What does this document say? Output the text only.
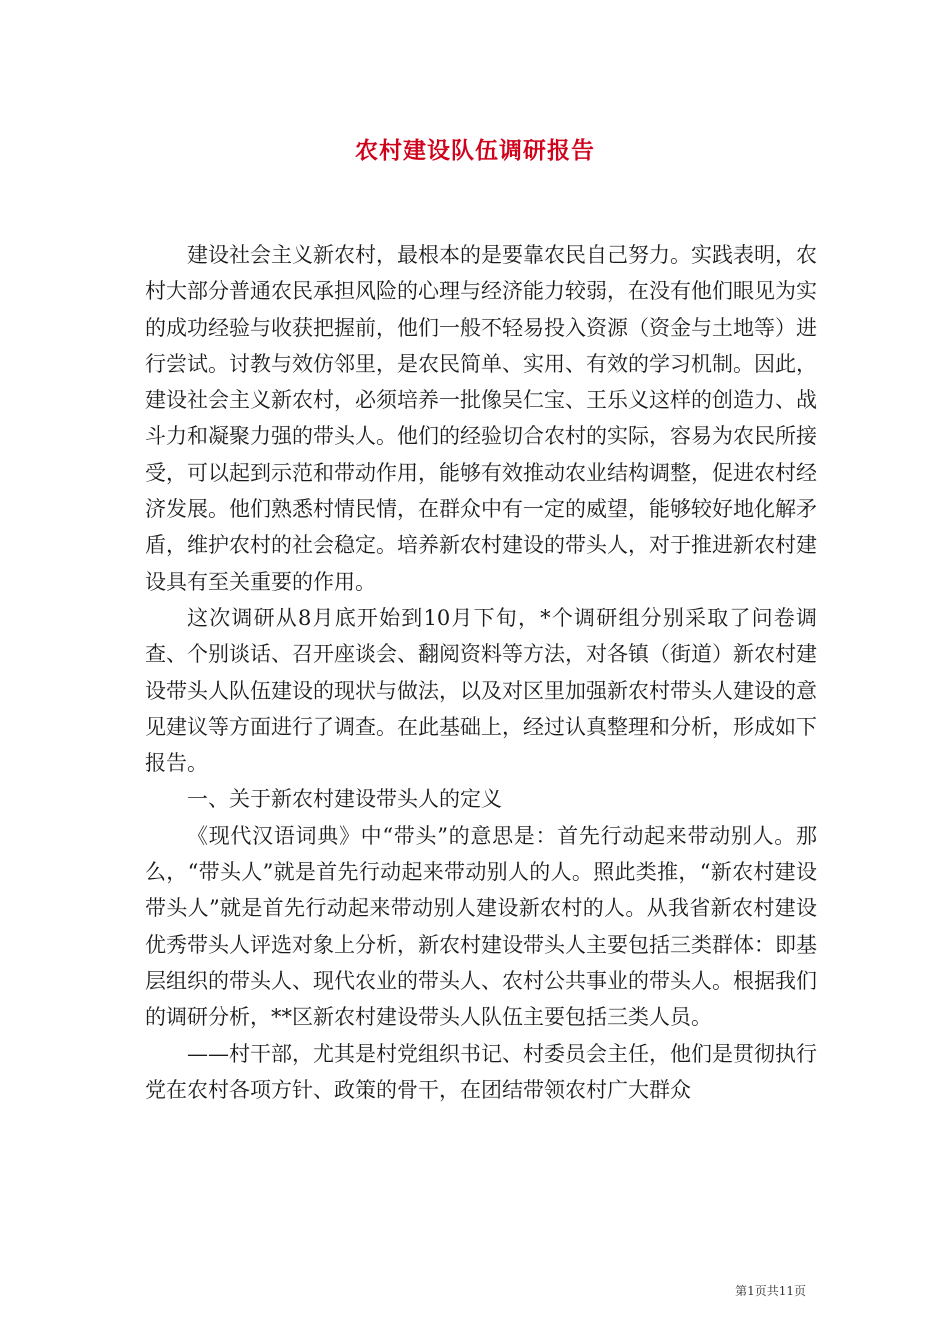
农村建设队伍调研报告

建设社会主义新农村，最根本的是要靠农民自己努力。实践表明，农村大部分普通农民承担风险的心理与经济能力较弱，在没有他们眼见为实的成功经验与收获把握前，他们一般不轻易投入资源（资金与土地等）进行尝试。讨教与效仿邻里，是农民简单、实用、有效的学习机制。因此，建设社会主义新农村，必须培养一批像吴仁宝、王乐义这样的创造力、战斗力和凝聚力强的带头人。他们的经验切合农村的实际，容易为农民所接受，可以起到示范和带动作用，能够有效推动农业结构调整，促进农村经济发展。他们熟悉村情民情，在群众中有一定的威望，能够较好地化解矛盾，维护农村的社会稳定。培养新农村建设的带头人，对于推进新农村建设具有至关重要的作用。

这次调研从8月底开始到10月下旬，*个调研组分别采取了问卷调查、个别谈话、召开座谈会、翻阅资料等方法，对各镇（街道）新农村建设带头人队伍建设的现状与做法，以及对区里加强新农村带头人建设的意见建议等方面进行了调查。在此基础上，经过认真整理和分析，形成如下报告。

一、关于新农村建设带头人的定义

《现代汉语词典》中“带头”的意思是：首先行动起来带动别人。那么，“带头人”就是首先行动起来带动别人的人。照此类推，“新农村建设带头人”就是首先行动起来带动别人建设新农村的人。从我省新农村建设优秀带头人评选对象上分析，新农村建设带头人主要包括三类群体：即基层组织的带头人、现代农业的带头人、农村公共事业的带头人。根据我们的调研分析，**区新农村建设带头人队伍主要包括三类人员。

——村干部，尤其是村党组织书记、村委员会主任，他们是贯彻执行党在农村各项方针、政策的骨干，在团结带领农村广大群众

第1页共11页
